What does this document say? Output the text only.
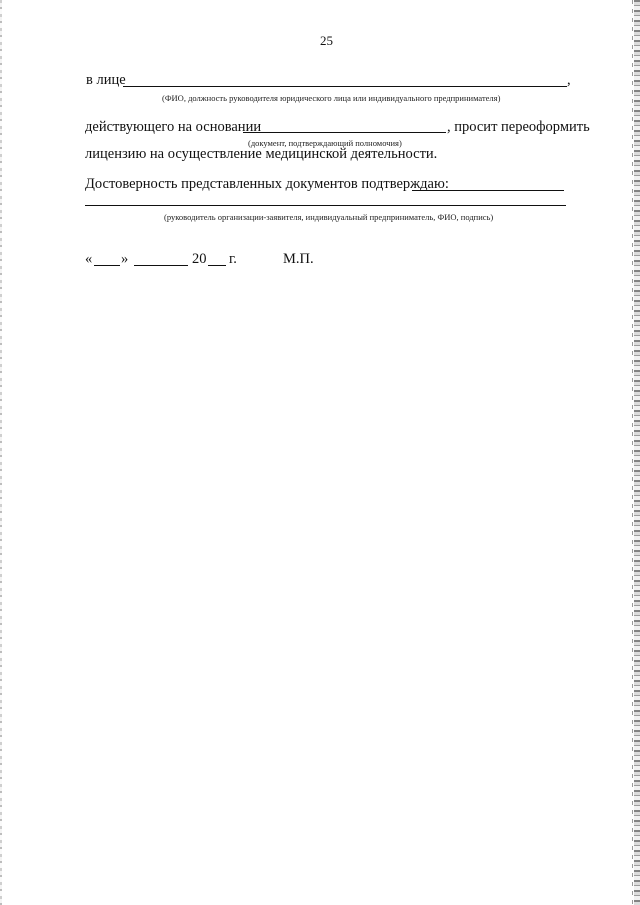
25
в лице	,
(ФИО, должность руководителя юридического лица или индивидуального предпринимателя)
действующего на основании	, просит переоформить
(документ, подтверждающий полномочия)
лицензию на осуществление медицинской деятельности.
Достоверность представленных документов подтверждаю:
(руководитель организации-заявителя, индивидуальный предприниматель, ФИО, подпись)
« »	20 г.	М.П.
